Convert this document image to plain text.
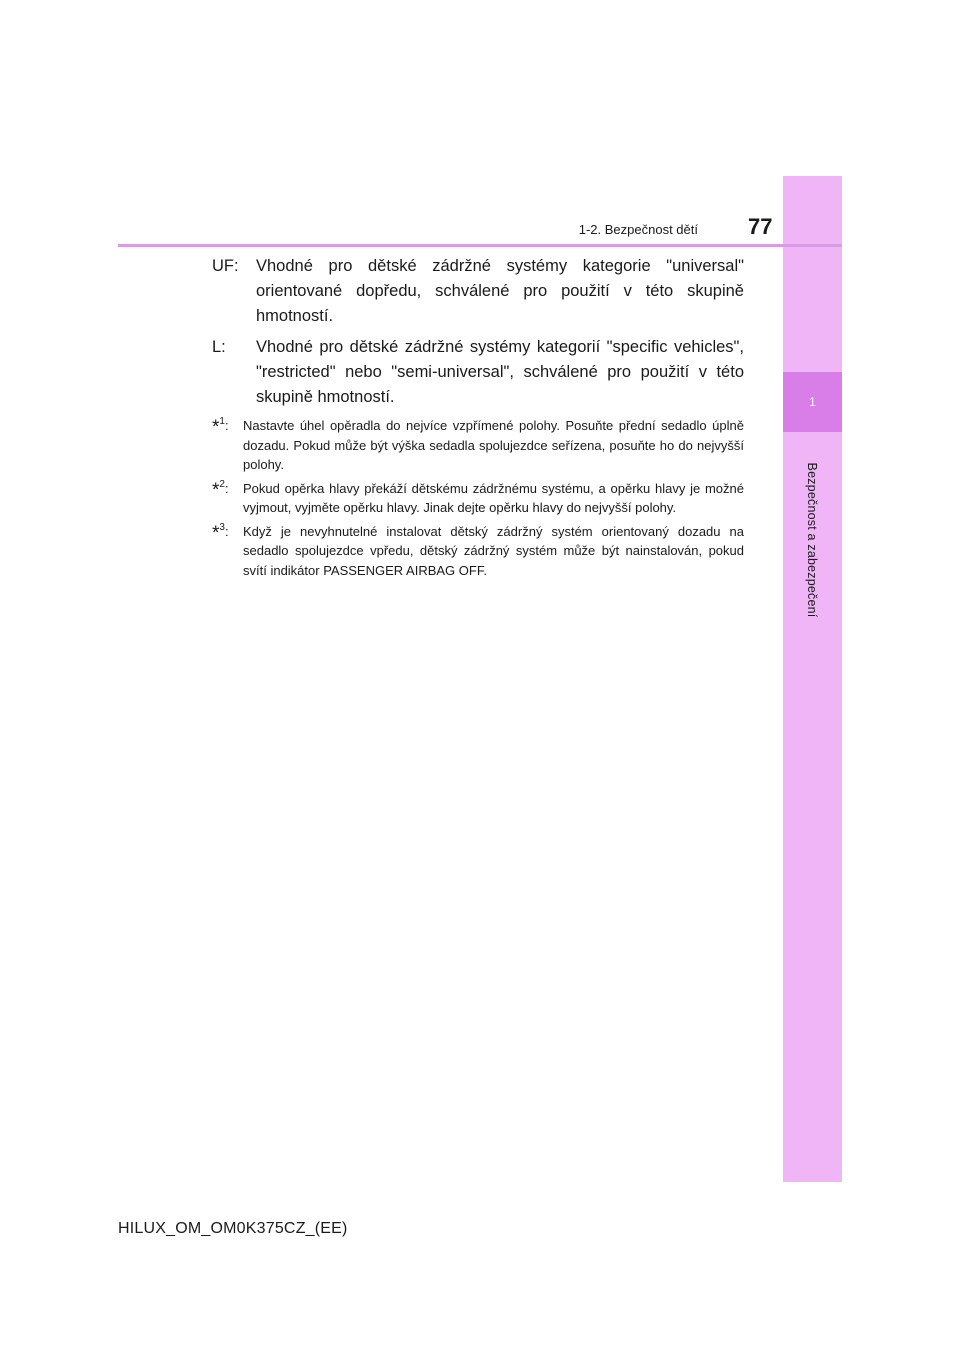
1
Bezpečnost a zabezpečení
1-2. Bezpečnost dětí 77
UF:	Vhodné pro dětské zádržné systémy kategorie "universal" orientované dopředu, schválené pro použití v této skupině hmotností.
L:	Vhodné pro dětské zádržné systémy kategorií "specific vehicles", "restricted" nebo "semi-universal", schválené pro použití v této skupině hmotností.
*$^1$:	Nastavte úhel opěradla do nejvíce vzpřímené polohy. Posuňte přední sedadlo úplně dozadu. Pokud může být výška sedadla spolujezdce seřízena, posuňte ho do nejvyšší polohy.
*$^2$:	Pokud opěrka hlavy překáží dětskému zádržnému systému, a opěrku hlavy je možné vyjmout, vyjměte opěrku hlavy. Jinak dejte opěrku hlavy do nejvyšší polohy.
*$^3$:	Když je nevyhnutelné instalovat dětský zádržný systém orientovaný dozadu na sedadlo spolujezdce vpředu, dětský zádržný systém může být nainstalován, pokud svítí indikátor PASSENGER AIRBAG OFF.
HILUX_OM_OM0K375CZ_(EE)
